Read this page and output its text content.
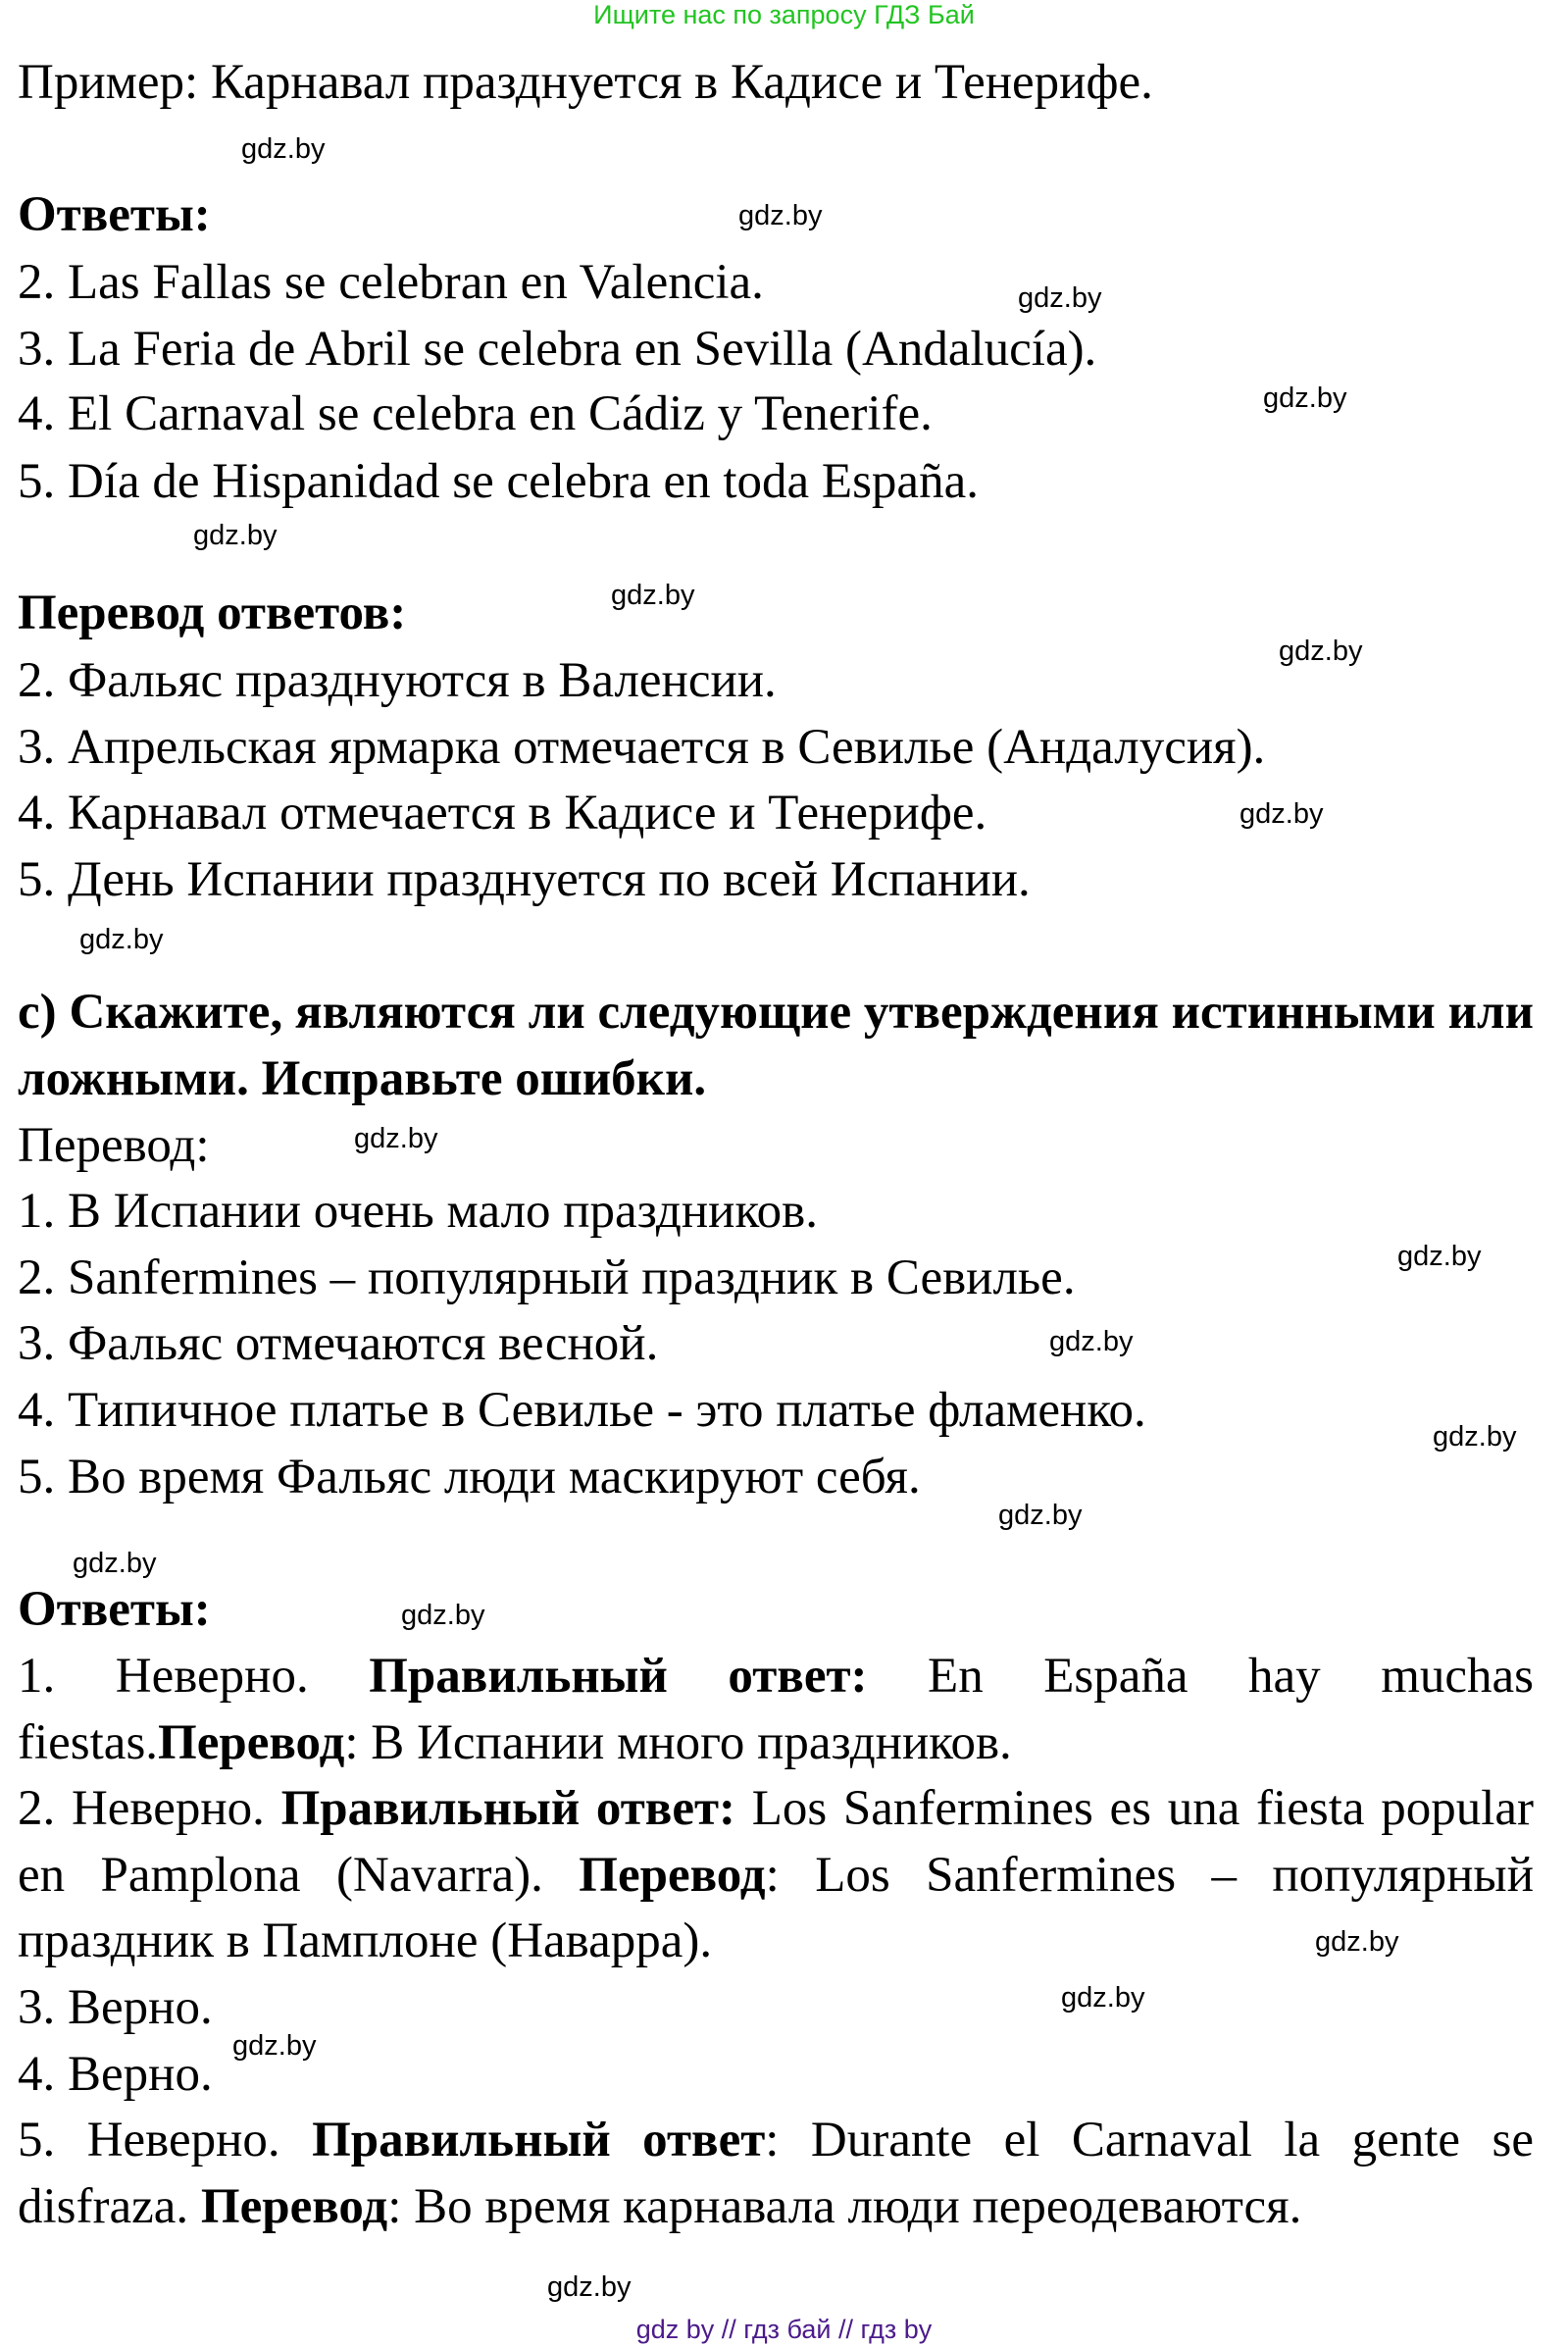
Ищите нас по запросу ГДЗ Бай
Пример: Карнавал празднуется в Кадисе и Тенерифе.
Ответы:
2. Las Fallas se celebran en Valencia.
3. La Feria de Abril se celebra en Sevilla (Andalucía).
4. El Carnaval se celebra en Cádiz y Tenerife.
5. Día de Hispanidad se celebra en toda España.
Перевод ответов:
2. Фальяс празднуются в Валенсии.
3. Апрельская ярмарка отмечается в Севилье (Андалусия).
4. Карнавал отмечается в Кадисе и Тенерифе.
5. День Испании празднуется по всей Испании.
c) Скажите, являются ли следующие утверждения истинными или ложными. Исправьте ошибки.
Перевод:
1. В Испании очень мало праздников.
2. Sanfermines – популярный праздник в Севилье.
3. Фальяс отмечаются весной.
4. Типичное платье в Севилье - это платье фламенко.
5. Во время Фальяс люди маскируют себя.
Ответы:
1. Неверно. Правильный ответ: En España hay muchas fiestas.Перевод: В Испании много праздников.
2. Неверно. Правильный ответ: Los Sanfermines es una fiesta popular en Pamplona (Navarra). Перевод: Los Sanfermines – популярный праздник в Памплоне (Наварра).
3. Верно.
4. Верно.
5. Неверно. Правильный ответ: Durante el Carnaval la gente se disfraza. Перевод: Во время карнавала люди переодеваются.
gdz.by
gdz.by
gdz.by
gdz.by
gdz.by
gdz.by
gdz.by
gdz.by
gdz.by
gdz.by
gdz.by
gdz.by
gdz.by
gdz.by
gdz.by
gdz.by
gdz.by
gdz.by
gdz.by
gdz.by
gdz by // гдз бай // гдз by
